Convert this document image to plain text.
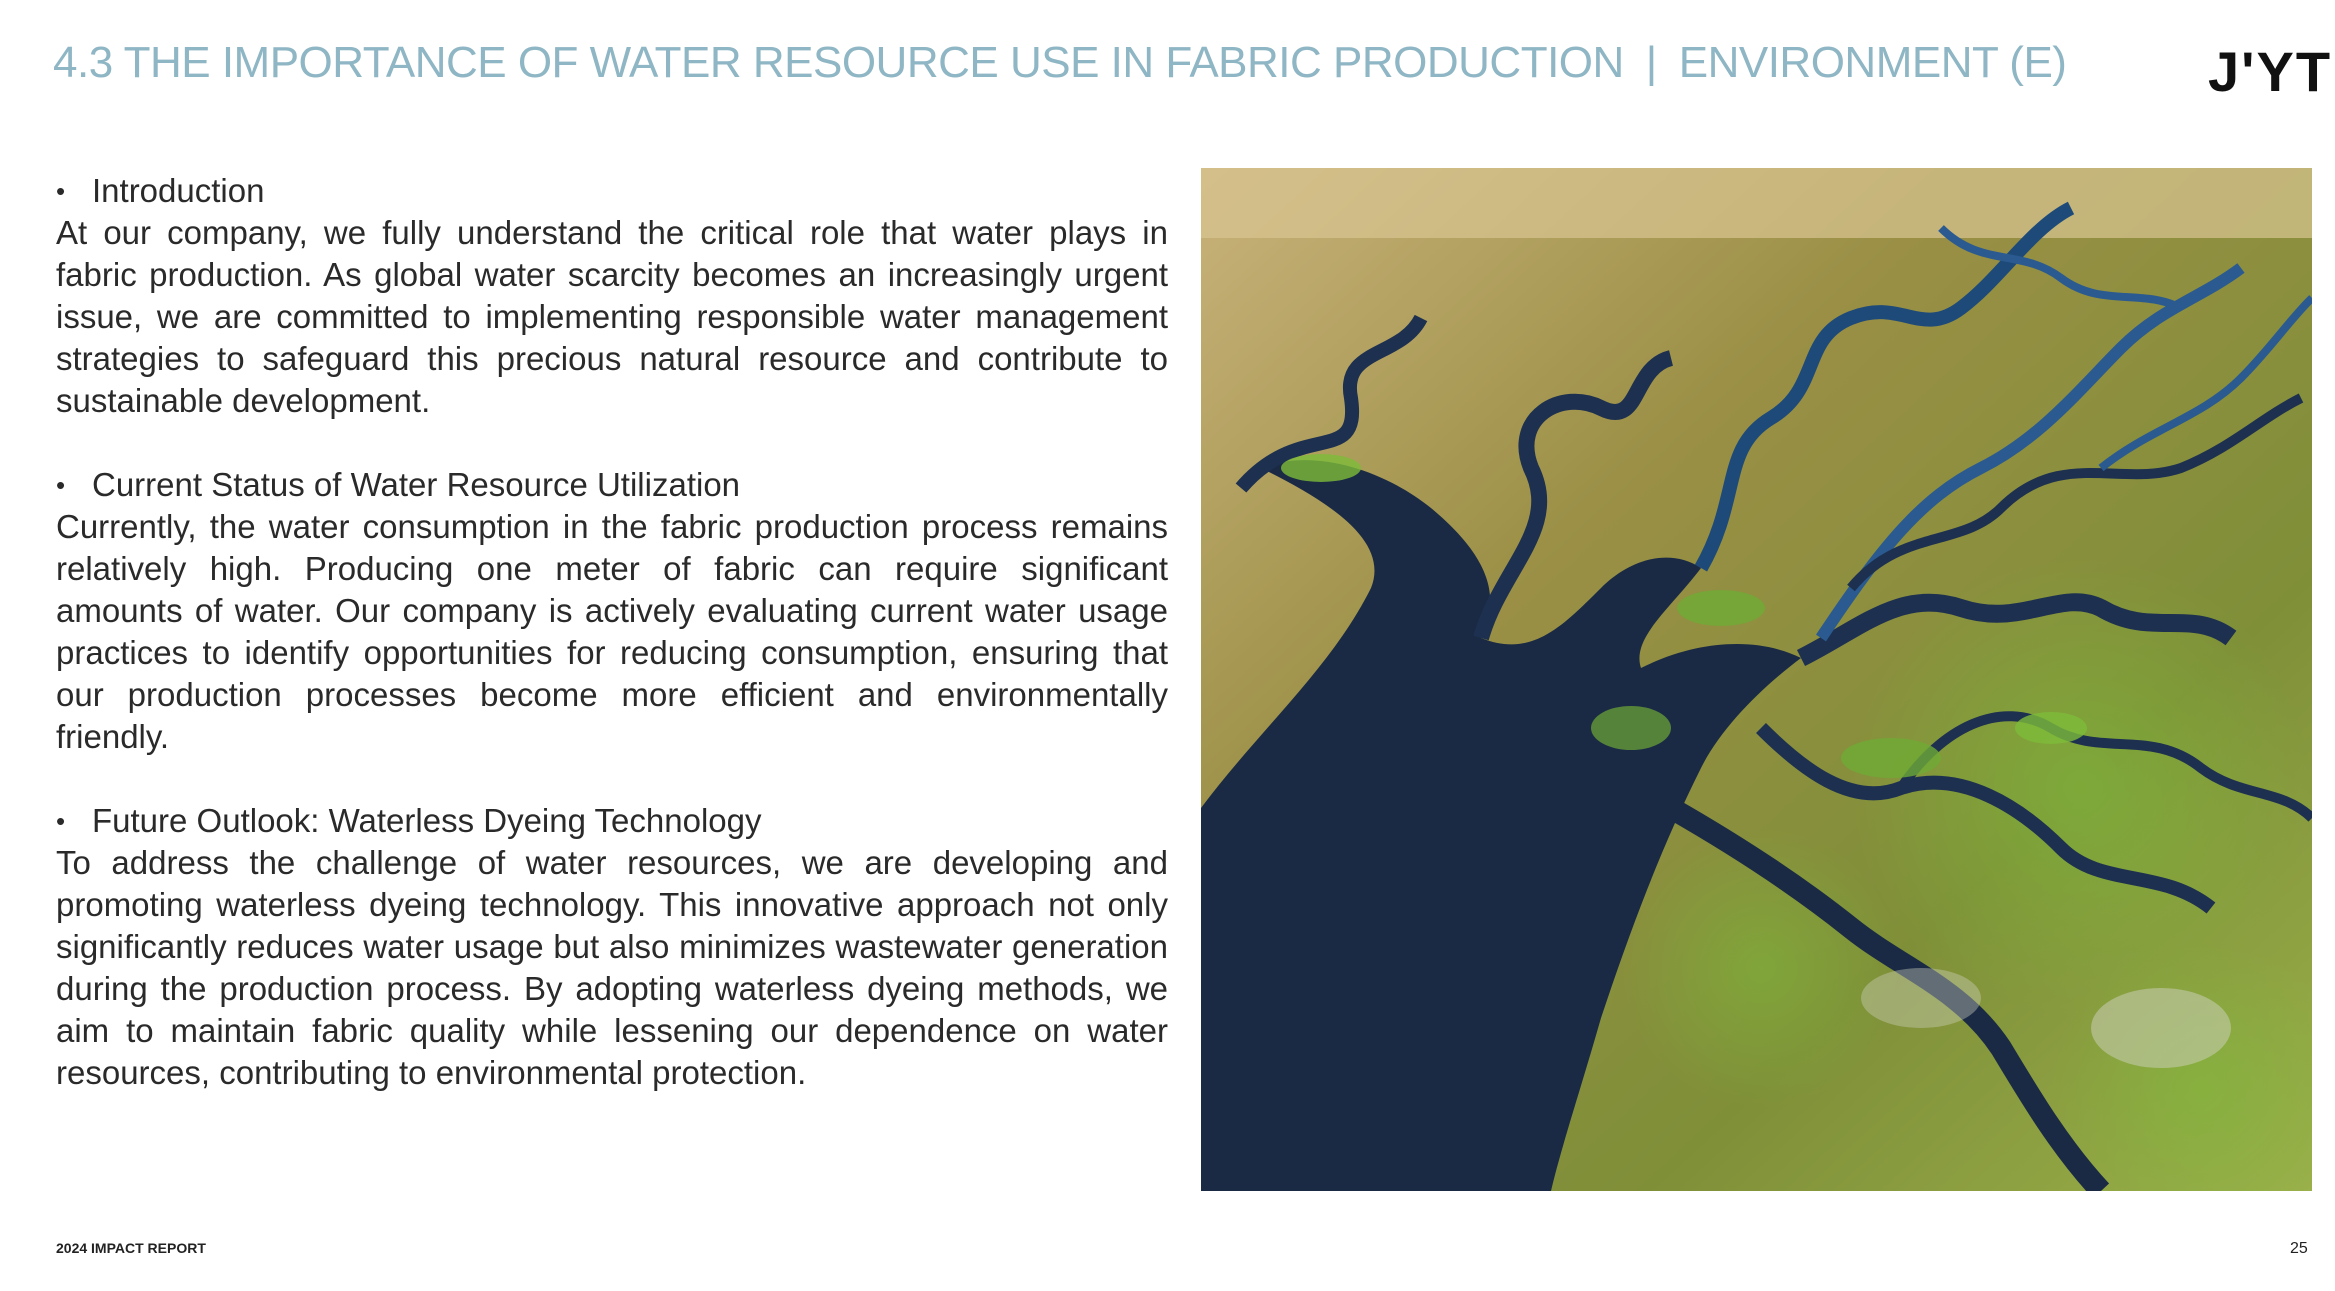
4.3 THE IMPORTANCE OF WATER RESOURCE USE IN FABRIC PRODUCTION | ENVIRONMENT (E)	J'YT
• Introduction
At our company, we fully understand the critical role that water plays in fabric production. As global water scarcity becomes an increasingly urgent issue, we are committed to implementing responsible water management strategies to safeguard this precious natural resource and contribute to sustainable development.
• Current Status of Water Resource Utilization
Currently, the water consumption in the fabric production process remains relatively high. Producing one meter of fabric can require significant amounts of water. Our company is actively evaluating current water usage practices to identify opportunities for reducing consumption, ensuring that our production processes become more efficient and environmentally friendly.
• Future Outlook: Waterless Dyeing Technology
To address the challenge of water resources, we are developing and promoting waterless dyeing technology. This innovative approach not only significantly reduces water usage but also minimizes wastewater generation during the production process. By adopting waterless dyeing methods, we aim to maintain fabric quality while lessening our dependence on water resources, contributing to environmental protection.
2024 IMPACT REPORT	25
